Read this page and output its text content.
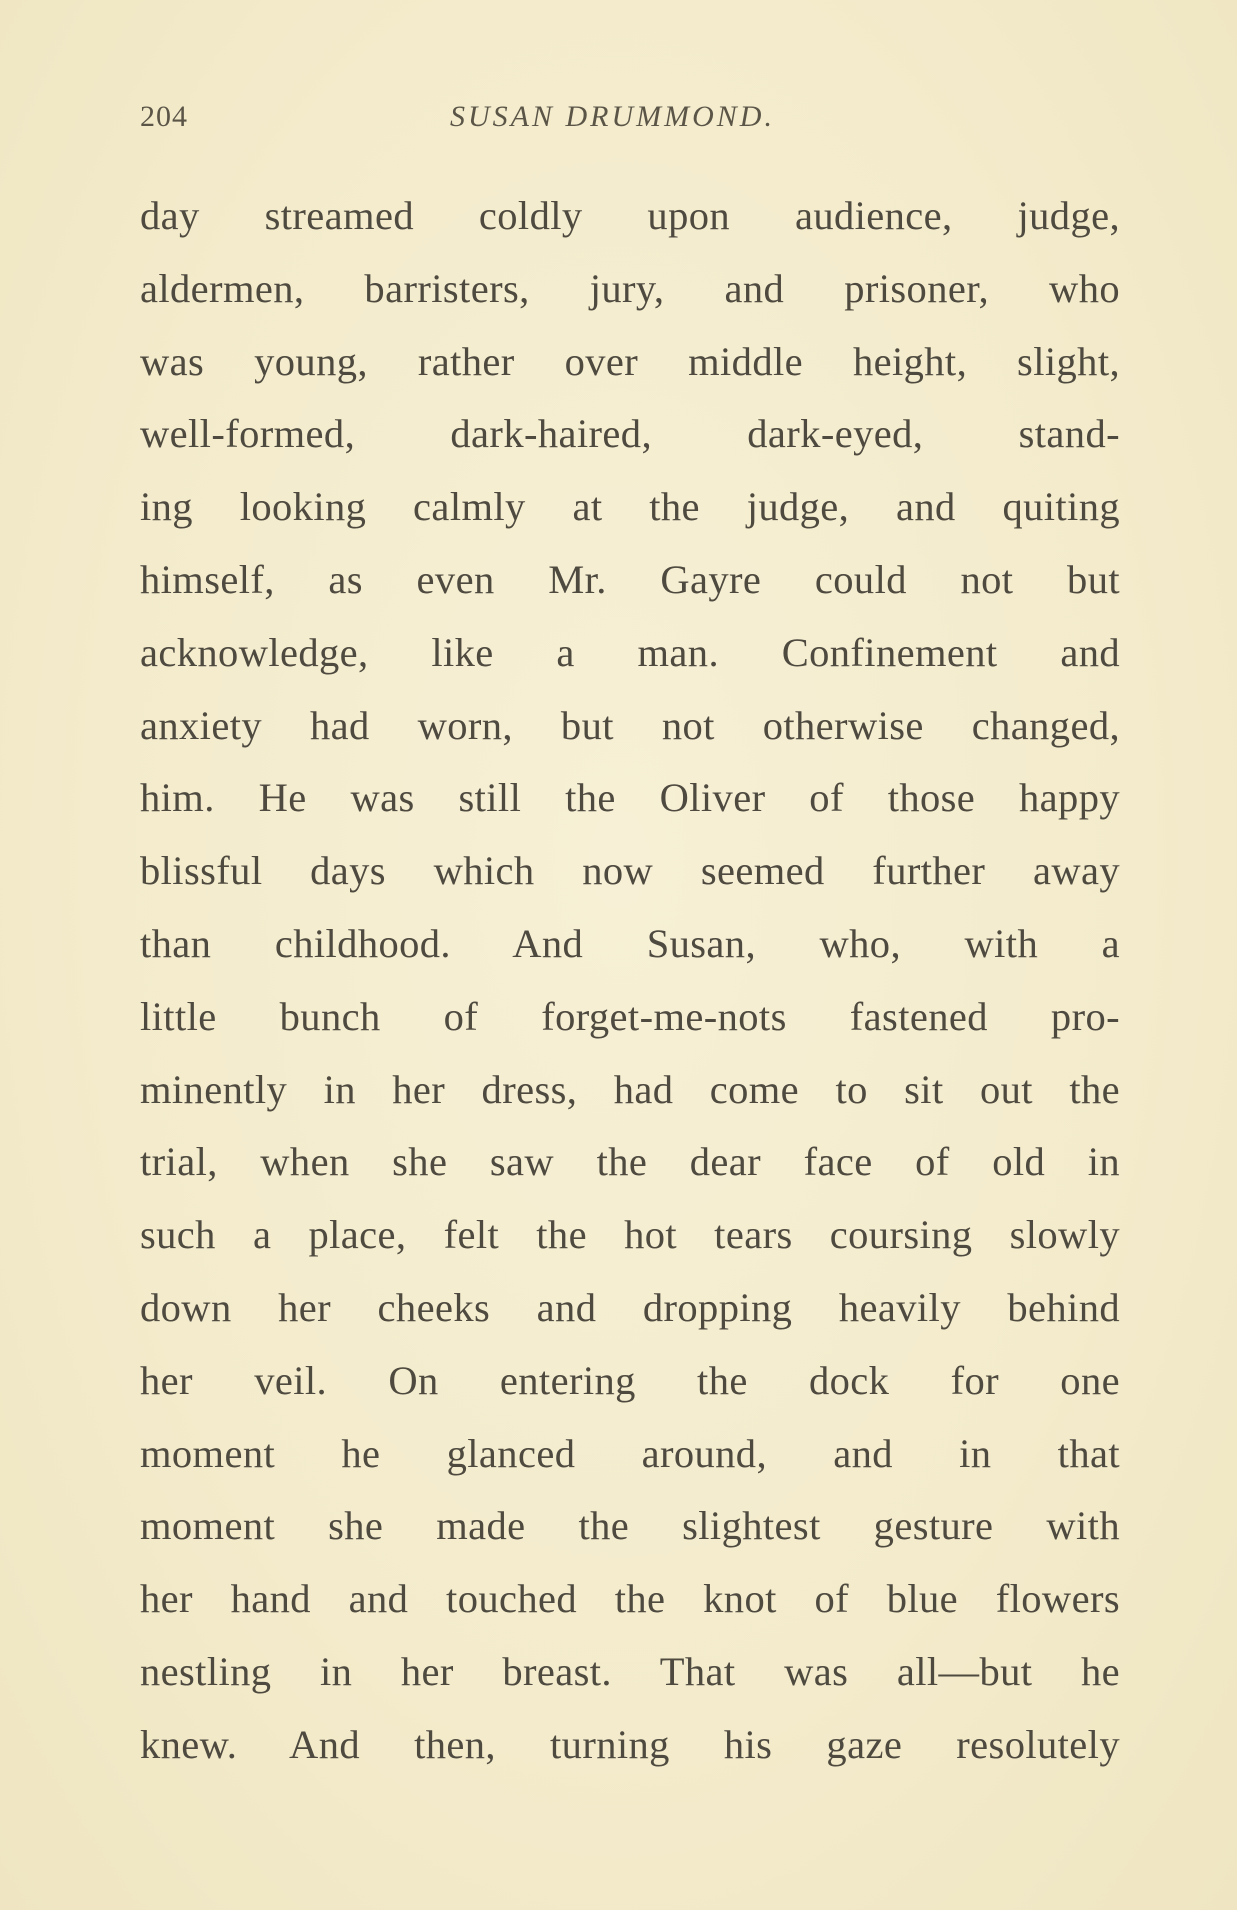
204	SUSAN DRUMMOND.
day streamed coldly upon audience, judge,
aldermen, barristers, jury, and prisoner, who
was young, rather over middle height, slight,
well-formed, dark-haired, dark-eyed, stand-
ing looking calmly at the judge, and quiting
himself, as even Mr. Gayre could not but
acknowledge, like a man. Confinement and
anxiety had worn, but not otherwise changed,
him. He was still the Oliver of those happy
blissful days which now seemed further away
than childhood. And Susan, who, with a
little bunch of forget-me-nots fastened pro-
minently in her dress, had come to sit out the
trial, when she saw the dear face of old in
such a place, felt the hot tears coursing slowly
down her cheeks and dropping heavily behind
her veil. On entering the dock for one
moment he glanced around, and in that
moment she made the slightest gesture with
her hand and touched the knot of blue flowers
nestling in her breast. That was all—but he
knew. And then, turning his gaze resolutely
